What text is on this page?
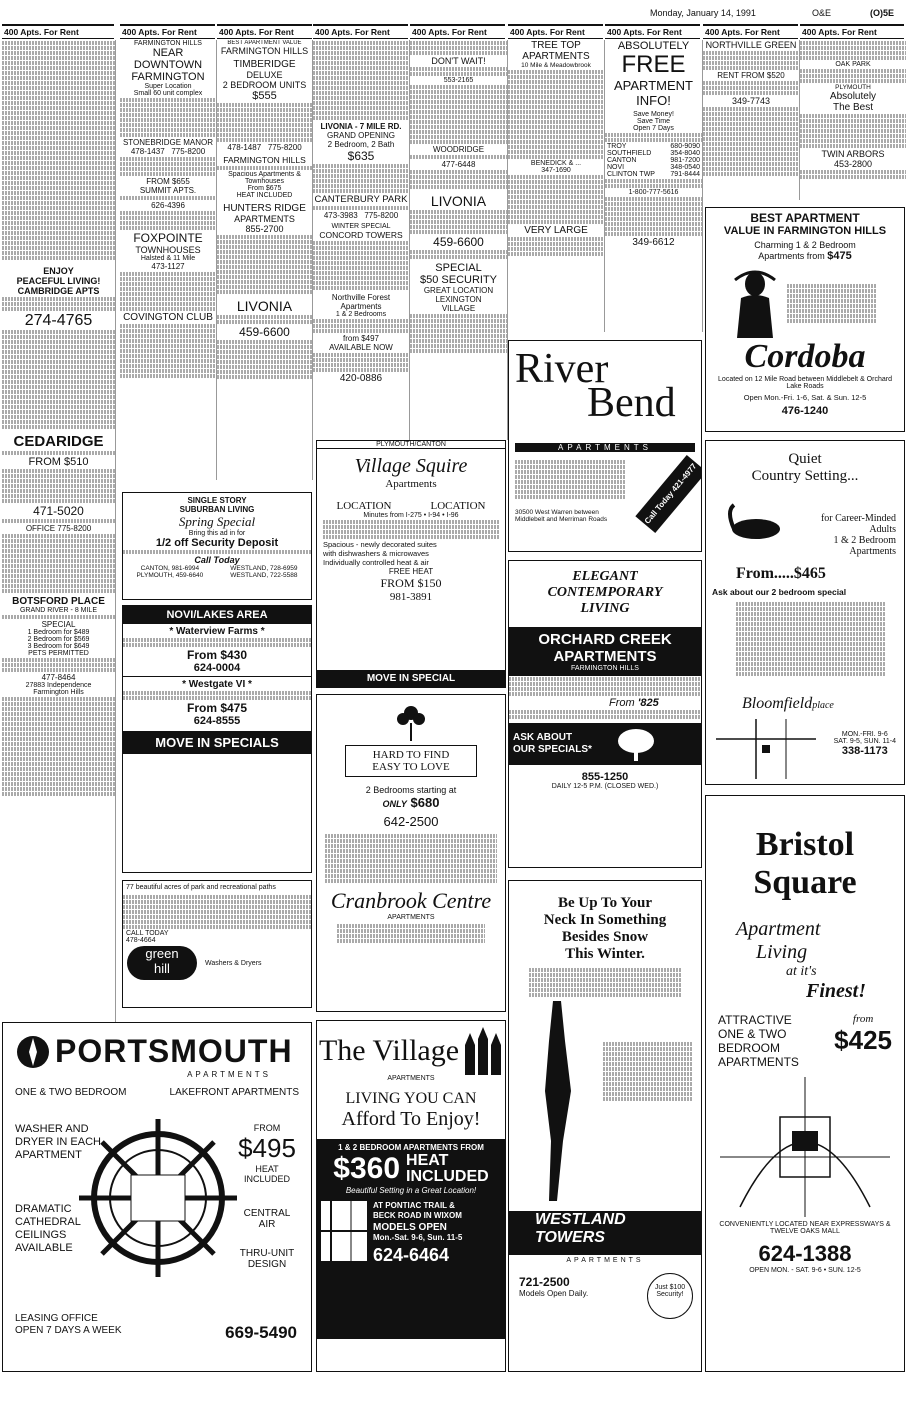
Monday, January 14, 1991	O&E	(O)5E
400 Apts. For Rent	400 Apts. For Rent	400 Apts. For Rent	400 Apts. For Rent	400 Apts. For Rent	400 Apts. For Rent	400 Apts. For Rent	400 Apts. For Rent	400 Apts. For Rent
ENJOY
PEACEFUL LIVING!
CAMBRIDGE APTS
274-4765
CEDARIDGE
FROM $510
471-5020
OFFICE 775-8200
BOTSFORD PLACE
GRAND RIVER - 8 MILE
SPECIAL
1 Bedroom for $489
2 Bedroom for $569
3 Bedroom for $649
PETS PERMITTED
477-8464
27883 Independence
Farmington Hills
FARMINGTON HILLS
NEAR
DOWNTOWN
FARMINGTON
Super Location
Small 60 unit complex
STONEBRIDGE MANOR
478-1437 775-8200
FROM $655
SUMMIT APTS.
626-4396
FOXPOINTE
TOWNHOUSES
Halsted & 11 Mile
473-1127
COVINGTON CLUB
SINGLE STORY
SUBURBAN LIVING
Spring Special
Bring this ad in for
1/2 off Security Deposit
Call Today
CANTON, 981-6994
PLYMOUTH, 459-6640
WESTLAND, 728-6959
WESTLAND, 722-5588
NOVI/LAKES AREA
* Waterview Farms *
From $430
624-0004
* Westgate VI *
From $475
624-8555
MOVE IN SPECIALS
77 beautiful acres of park and recreational paths
CALL TODAY
478-4664
green
hill	Washers & Dryers
BEST APARTMENT VALUE
FARMINGTON HILLS
TIMBERIDGE
DELUXE
2 BEDROOM UNITS
$555
478-1487 775-8200
FARMINGTON HILLS
Spacious Apartments &
Townhouses
From $675
HEAT INCLUDED
HUNTERS RIDGE
APARTMENTS
855-2700
LIVONIA
459-6600
LIVONIA - 7 MILE RD.
GRAND OPENING
2 Bedroom, 2 Bath
$635
CANTERBURY PARK
473-3983 775-8200
WINTER SPECIAL
CONCORD TOWERS
Northville Forest
Apartments
1 & 2 Bedrooms
from $497
AVAILABLE NOW
420-0886
DON'T WAIT!
553-2165
WOODRIDGE
477-6448
LIVONIA
459-6600
SPECIAL
$50 SECURITY
GREAT LOCATION
LEXINGTON
VILLAGE
TREE TOP
APARTMENTS
10 Mile & Meadowbrook
BENEDICK & ...
347-1690
VERY LARGE
ABSOLUTELY
FREE
APARTMENT
INFO!
Save Money!
Save Time
Open 7 Days
TROY	680-9090
SOUTHFIELD	354-8040
CANTON	981-7200
NOVI	348-0540
CLINTON TWP 791-8444
1-800-777-5616
349-6612
NORTHVILLE GREEN
RENT FROM $520
349-7743
OAK PARK
PLYMOUTH
Absolutely
The Best
TWIN ARBORS
453-2800
BEST APARTMENT
VALUE IN FARMINGTON HILLS
Charming 1 & 2 Bedroom
Apartments from $475
Cordoba
Located on 12 Mile Road between Middlebelt & Orchard Lake Roads
Open Mon.-Fri. 1-6, Sat. & Sun. 12-5
476-1240
River
Bend
APARTMENTS
30500 West Warren between Middlebelt and Merriman Roads	Call Today 421-4977
ELEGANT
CONTEMPORARY
LIVING
ORCHARD CREEK
APARTMENTS
FARMINGTON HILLS
From '825
ASK ABOUT
OUR SPECIALS*
855-1250
DAILY 12-5 P.M. (CLOSED WED.)
PLYMOUTH/CANTON
Village Squire
Apartments
LOCATION	LOCATION
Minutes from I-275 • I-94 • I-96
Spacious - newly decorated suites
with dishwashers & microwaves
Individually controlled heat & air
FREE HEAT
FROM $150
981-3891
MOVE IN SPECIAL
HARD TO FIND
EASY TO LOVE
2 Bedrooms starting at
ONLY $680
642-2500
Cranbrook Centre
APARTMENTS
The Village
APARTMENTS
LIVING YOU CAN
Afford To Enjoy!
1 & 2 BEDROOM APARTMENTS FROM
$360 HEAT
INCLUDED
Beautiful Setting in a Great Location!
AT PONTIAC TRAIL &
BECK ROAD IN WIXOM
MODELS OPEN
Mon.-Sat. 9-6, Sun. 11-5
624-6464
Be Up To Your
Neck In Something
Besides Snow
This Winter.
WESTLAND
TOWERS
APARTMENTS
721-2500
Models Open Daily.
Just $100 Security!
Quiet
Country Setting...
for Career-Minded
Adults
1 & 2 Bedroom
Apartments
From.....$465
Ask about our 2 bedroom special
Bloomfieldplace
MON.-FRI. 9-6
SAT. 9-5, SUN. 11-4
338-1173
Bristol
Square
Apartment
Living
at it's
Finest!
ATTRACTIVE ONE & TWO BEDROOM APARTMENTS
from
$425
CONVENIENTLY LOCATED NEAR EXPRESSWAYS & TWELVE OAKS MALL
624-1388
OPEN MON. - SAT. 9-6 • SUN. 12-5
PORTSMOUTH
APARTMENTS
ONE & TWO BEDROOM	LAKEFRONT APARTMENTS
WASHER AND DRYER IN EACH APARTMENT
DRAMATIC CATHEDRAL CEILINGS AVAILABLE
FROM
$495
HEAT INCLUDED
CENTRAL AIR
THRU-UNIT DESIGN
LEASING OFFICE OPEN 7 DAYS A WEEK	669-5490
